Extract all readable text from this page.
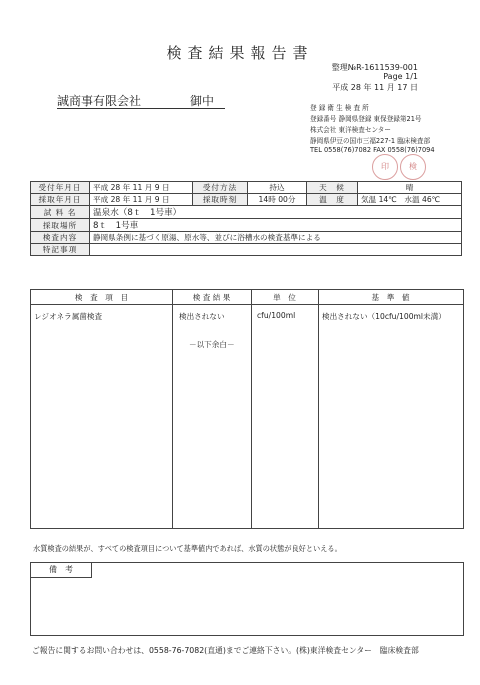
検査結果報告書
整理№R-1611539-001
Page 1/1
平成 28 年 11 月 17 日
誠商事有限会社	御中	登 録 衛 生 検 査 所
登録番号 静岡県登録 東保登録第21号
株式会社 東洋検査センター
静岡県伊豆の国市三福227-1 臨床検査部
TEL 0558(76)7082 FAX 0558(76)7094
印	検
受付年月日	平成 28 年 11 月 9 日	受付方法	持込	天　候	晴
採取年月日	平成 28 年 11 月 9 日	採取時刻	14時 00分	温　度	気温 14℃　水温 46℃
試 料 名	温泉水（8ｔ　1号車）				
採取場所	8ｔ　1号車				
検査内容	静岡県条例に基づく原湯、原水等、並びに浴槽水の検査基準による				
特記事項					
検　査　項　目	検 査 結 果	単　位	基　準　値
レジオネラ属菌検査	検出されない	cfu/100ml	検出されない（10cfu/100ml未満）
－以下余白－
水質検査の結果が、すべての検査項目について基準値内であれば、水質の状態が良好といえる。
備　考
ご報告に関するお問い合わせは、0558-76-7082(直通)までご連絡下さい。(株)東洋検査センター　臨床検査部
